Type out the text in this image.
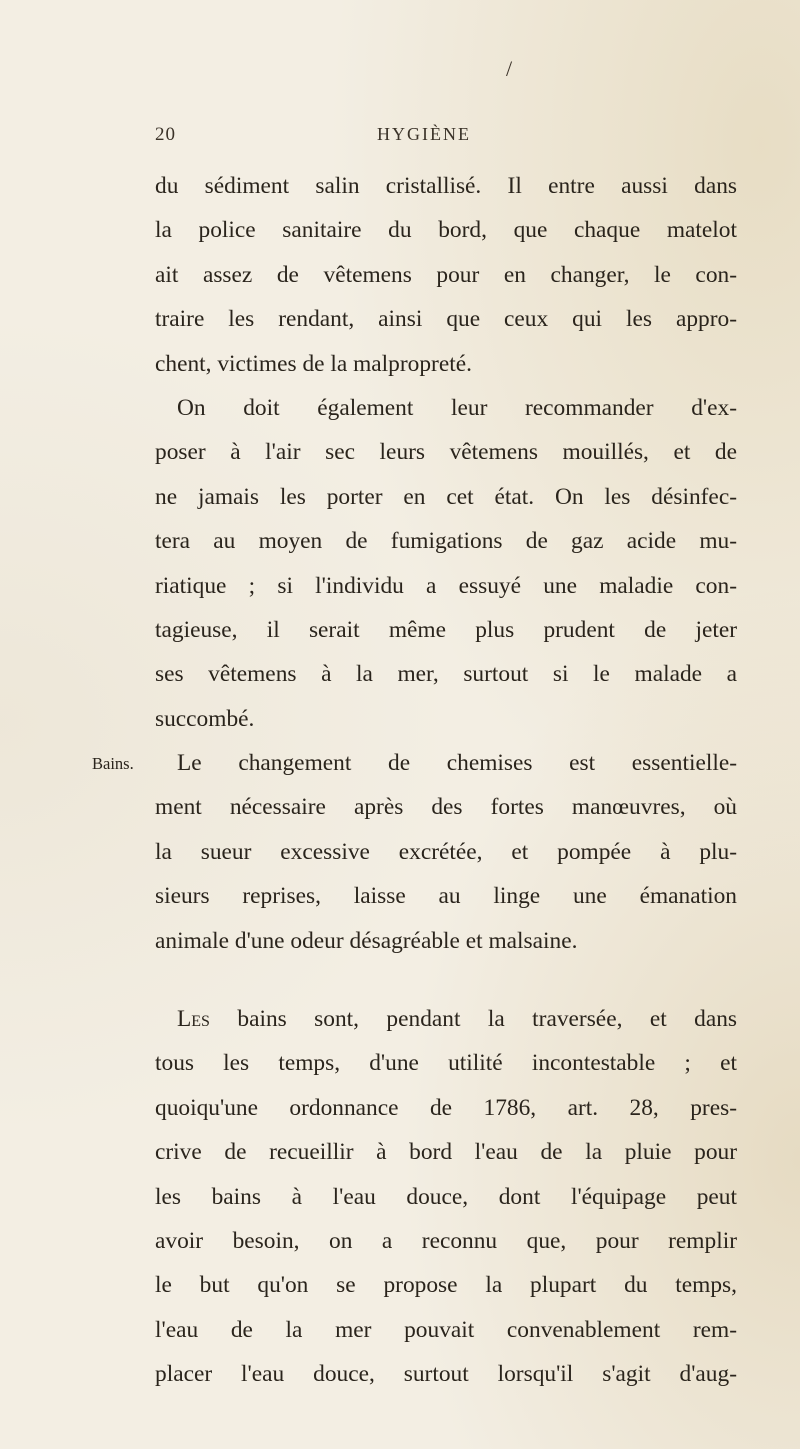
/
20	HYGIÈNE
Bains.
du sédiment salin cristallisé. Il entre aussi dans
la police sanitaire du bord, que chaque matelot
ait assez de vêtemens pour en changer, le con-
traire les rendant, ainsi que ceux qui les appro-
chent, victimes de la malpropreté.
On doit également leur recommander d'ex-
poser à l'air sec leurs vêtemens mouillés, et de
ne jamais les porter en cet état. On les désinfec-
tera au moyen de fumigations de gaz acide mu-
riatique ; si l'individu a essuyé une maladie con-
tagieuse, il serait même plus prudent de jeter
ses vêtemens à la mer, surtout si le malade a
succombé.
Le changement de chemises est essentielle-
ment nécessaire après des fortes manœuvres, où
la sueur excessive excrétée, et pompée à plu-
sieurs reprises, laisse au linge une émanation
animale d'une odeur désagréable et malsaine.
Les bains sont, pendant la traversée, et dans
tous les temps, d'une utilité incontestable ; et
quoiqu'une ordonnance de 1786, art. 28, pres-
crive de recueillir à bord l'eau de la pluie pour
les bains à l'eau douce, dont l'équipage peut
avoir besoin, on a reconnu que, pour remplir
le but qu'on se propose la plupart du temps,
l'eau de la mer pouvait convenablement rem-
placer l'eau douce, surtout lorsqu'il s'agit d'aug-
